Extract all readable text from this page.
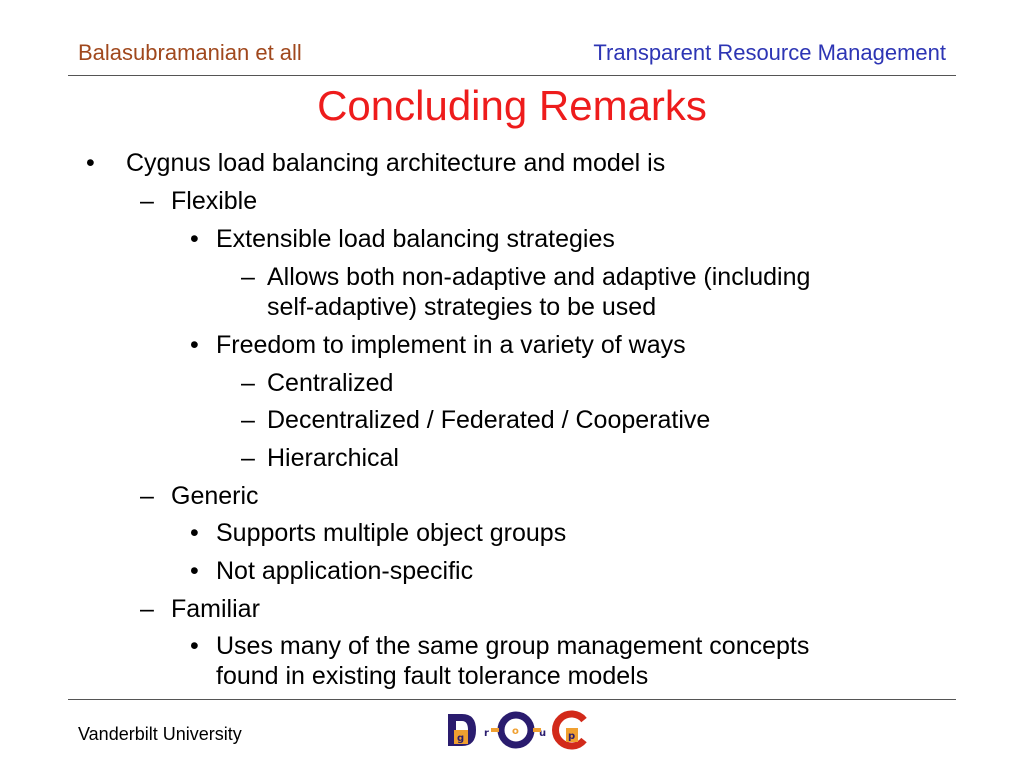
Balasubramanian et all	Transparent Resource Management
Concluding Remarks
• Cygnus load balancing architecture and model is
– Flexible
• Extensible load balancing strategies
– Allows both non-adaptive and adaptive (including
self-adaptive) strategies to be used
• Freedom to implement in a variety of ways
– Centralized
– Decentralized / Federated / Cooperative
– Hierarchical
– Generic
• Supports multiple object groups
• Not application-specific
– Familiar
• Uses many of the same group management concepts
found in existing fault tolerance models
Vanderbilt University	g r o u p
